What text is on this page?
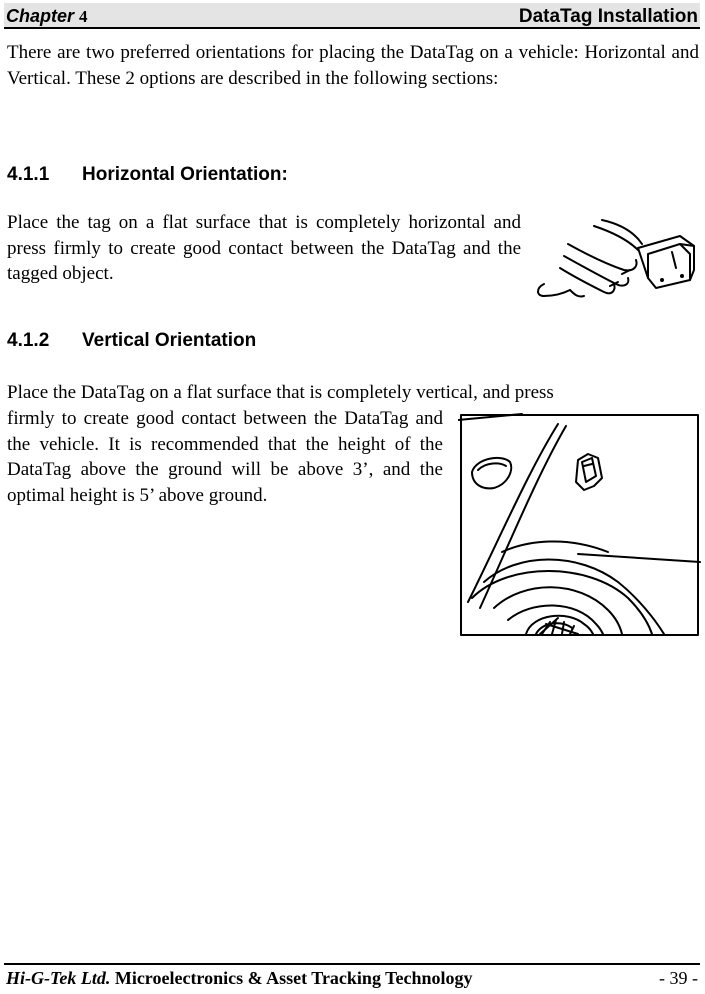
Chapter 4	DataTag Installation

There are two preferred orientations for placing the DataTag on a vehicle: Horizontal and Vertical. These 2 options are described in the following sections:

4.1.1 Horizontal Orientation:

Place the tag on a flat surface that is completely horizontal and press firmly to create good contact between the DataTag and the tagged object.

4.1.2 Vertical Orientation

Place the DataTag on a flat surface that is completely vertical, and press

firmly to create good contact between the DataTag and the vehicle. It is recommended that the height of the DataTag above the ground will be above 3’, and the optimal height is 5’ above ground.

Hi-G-Tek Ltd. Microelectronics & Asset Tracking Technology	- 39 -
